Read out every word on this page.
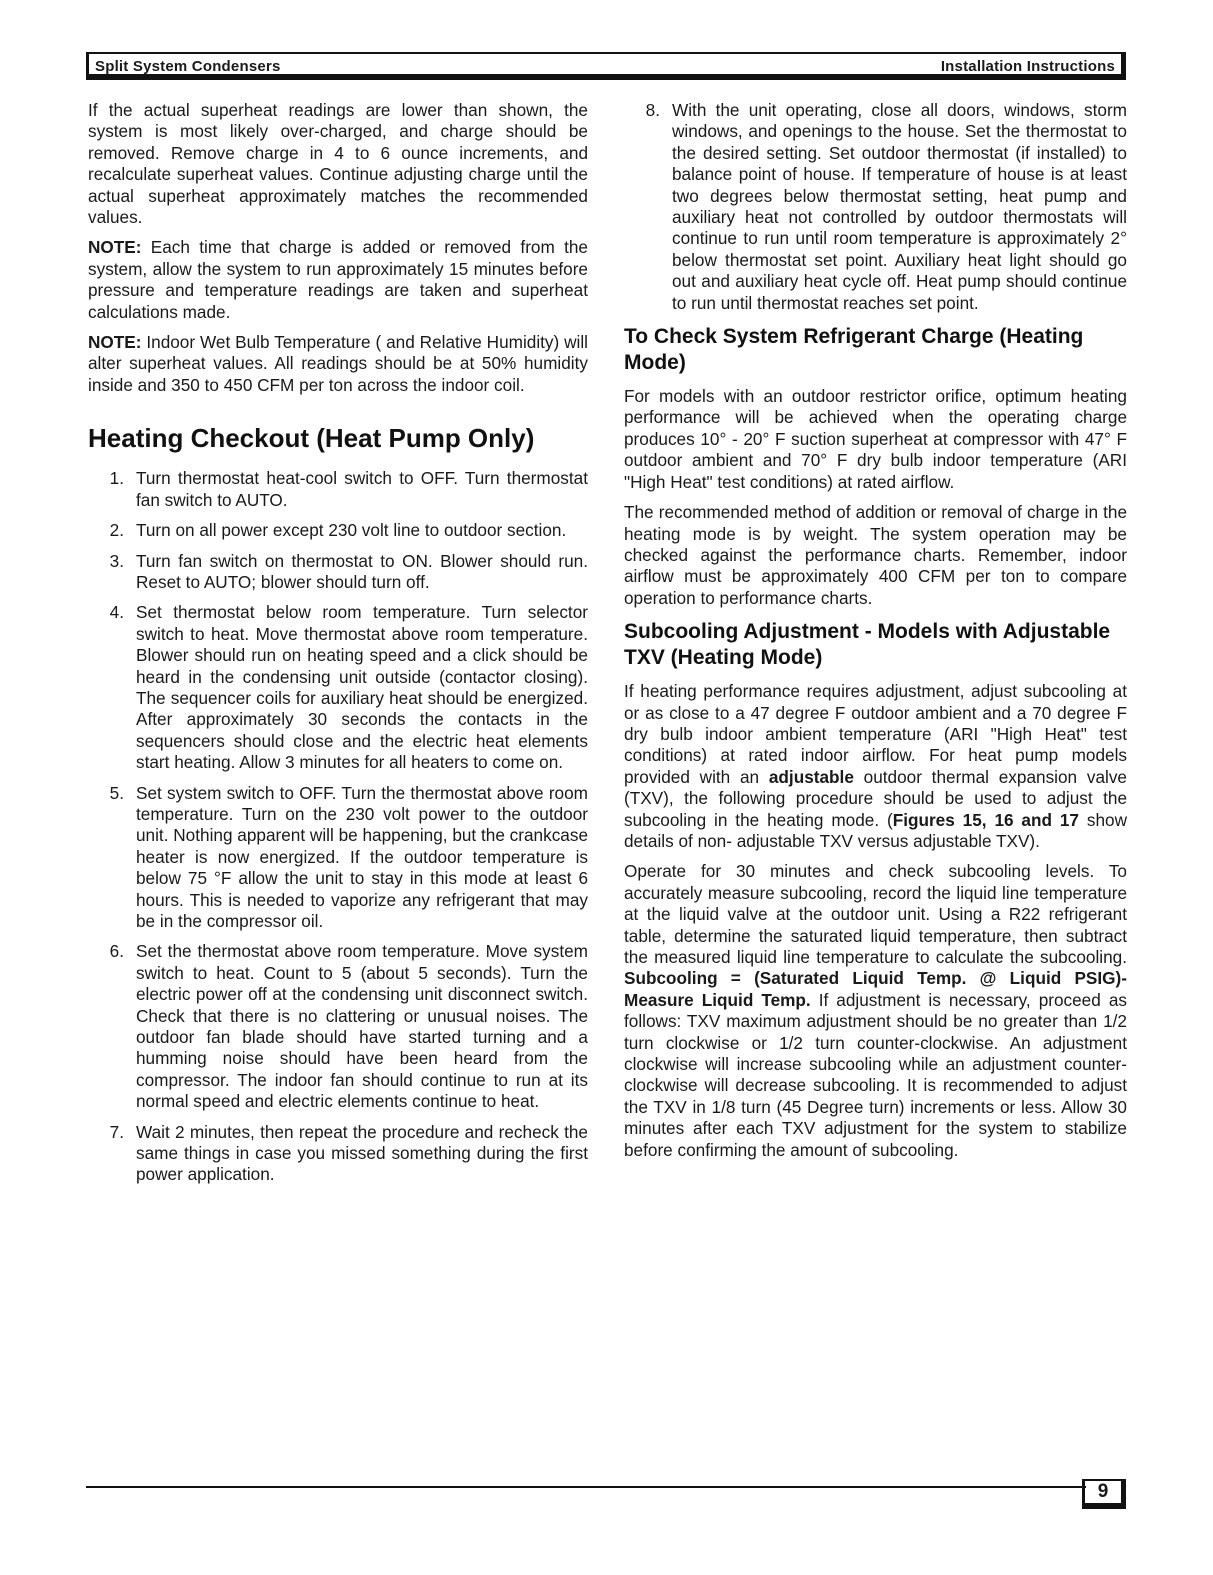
Split System Condensers	Installation Instructions

If the actual superheat readings are lower than shown, the system is most likely over-charged, and charge should be removed. Remove charge in 4 to 6 ounce increments, and recalculate superheat values. Continue adjusting charge until the actual superheat approximately matches the recommended values.

NOTE: Each time that charge is added or removed from the system, allow the system to run approximately 15 minutes before pressure and temperature readings are taken and superheat calculations made.

NOTE: Indoor Wet Bulb Temperature ( and Relative Humidity) will alter superheat values. All readings should be at 50% humidity inside and 350 to 450 CFM per ton across the indoor coil.

Heating Checkout (Heat Pump Only)
1. Turn thermostat heat-cool switch to OFF. Turn thermostat fan switch to AUTO.
2. Turn on all power except 230 volt line to outdoor section.
3. Turn fan switch on thermostat to ON. Blower should run. Reset to AUTO; blower should turn off.
4. Set thermostat below room temperature. Turn selector switch to heat. Move thermostat above room temperature. Blower should run on heating speed and a click should be heard in the condensing unit outside (contactor closing). The sequencer coils for auxiliary heat should be energized. After approximately 30 seconds the contacts in the sequencers should close and the electric heat elements start heating. Allow 3 minutes for all heaters to come on.
5. Set system switch to OFF. Turn the thermostat above room temperature. Turn on the 230 volt power to the outdoor unit. Nothing apparent will be happening, but the crankcase heater is now energized. If the outdoor temperature is below 75 °F allow the unit to stay in this mode at least 6 hours. This is needed to vaporize any refrigerant that may be in the compressor oil.
6. Set the thermostat above room temperature. Move system switch to heat. Count to 5 (about 5 seconds). Turn the electric power off at the condensing unit disconnect switch. Check that there is no clattering or unusual noises. The outdoor fan blade should have started turning and a humming noise should have been heard from the compressor. The indoor fan should continue to run at its normal speed and electric elements continue to heat.
7. Wait 2 minutes, then repeat the procedure and recheck the same things in case you missed something during the first power application.
8. With the unit operating, close all doors, windows, storm windows, and openings to the house. Set the thermostat to the desired setting. Set outdoor thermostat (if installed) to balance point of house. If temperature of house is at least two degrees below thermostat setting, heat pump and auxiliary heat not controlled by outdoor thermostats will continue to run until room temperature is approximately 2° below thermostat set point. Auxiliary heat light should go out and auxiliary heat cycle off. Heat pump should continue to run until thermostat reaches set point.
To Check System Refrigerant Charge (Heating Mode)

For models with an outdoor restrictor orifice, optimum heating performance will be achieved when the operating charge produces 10° - 20° F suction superheat at compressor with 47° F outdoor ambient and 70° F dry bulb indoor temperature (ARI "High Heat" test conditions) at rated airflow.

The recommended method of addition or removal of charge in the heating mode is by weight. The system operation may be checked against the performance charts. Remember, indoor airflow must be approximately 400 CFM per ton to compare operation to performance charts.

Subcooling Adjustment - Models with Adjustable TXV (Heating Mode)

If heating performance requires adjustment, adjust subcooling at or as close to a 47 degree F outdoor ambient and a 70 degree F dry bulb indoor ambient temperature (ARI "High Heat" test conditions) at rated indoor airflow. For heat pump models provided with an adjustable outdoor thermal expansion valve (TXV), the following procedure should be used to adjust the subcooling in the heating mode. (Figures 15, 16 and 17 show details of non- adjustable TXV versus adjustable TXV).

Operate for 30 minutes and check subcooling levels. To accurately measure subcooling, record the liquid line temperature at the liquid valve at the outdoor unit. Using a R22 refrigerant table, determine the saturated liquid temperature, then subtract the measured liquid line temperature to calculate the subcooling. Subcooling = (Saturated Liquid Temp. @ Liquid PSIG)-Measure Liquid Temp. If adjustment is necessary, proceed as follows: TXV maximum adjustment should be no greater than 1/2 turn clockwise or 1/2 turn counter-clockwise. An adjustment clockwise will increase subcooling while an adjustment counter-clockwise will decrease subcooling. It is recommended to adjust the TXV in 1/8 turn (45 Degree turn) increments or less. Allow 30 minutes after each TXV adjustment for the system to stabilize before confirming the amount of subcooling.

9
